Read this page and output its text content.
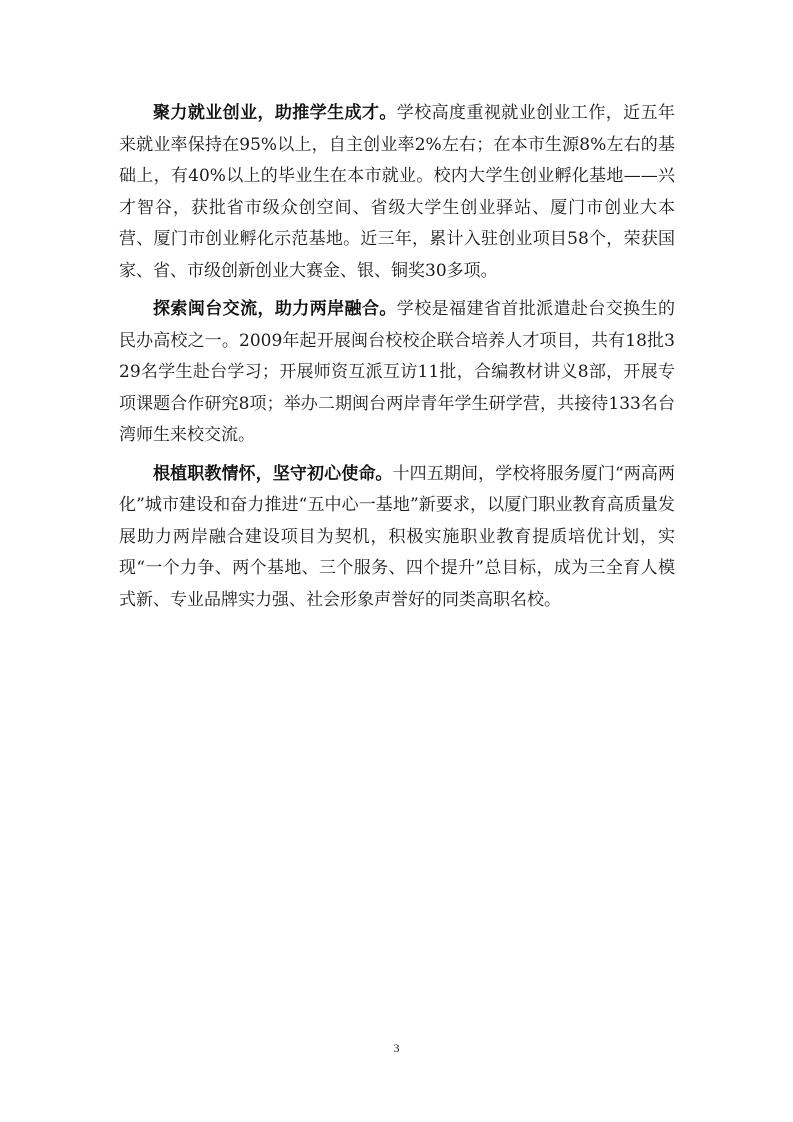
聚力就业创业，助推学生成才。学校高度重视就业创业工作，近五年来就业率保持在95%以上，自主创业率2%左右；在本市生源8%左右的基础上，有40%以上的毕业生在本市就业。校内大学生创业孵化基地——兴才智谷，获批省市级众创空间、省级大学生创业驿站、厦门市创业大本营、厦门市创业孵化示范基地。近三年，累计入驻创业项目58个，荣获国家、省、市级创新创业大赛金、银、铜奖30多项。

探索闽台交流，助力两岸融合。学校是福建省首批派遣赴台交换生的民办高校之一。2009年起开展闽台校校企联合培养人才项目，共有18批329名学生赴台学习；开展师资互派互访11批，合编教材讲义8部，开展专项课题合作研究8项；举办二期闽台两岸青年学生研学营，共接待133名台湾师生来校交流。

根植职教情怀，坚守初心使命。十四五期间，学校将服务厦门“两高两化”城市建设和奋力推进“五中心一基地”新要求，以厦门职业教育高质量发展助力两岸融合建设项目为契机，积极实施职业教育提质培优计划，实现“一个力争、两个基地、三个服务、四个提升”总目标，成为三全育人模式新、专业品牌实力强、社会形象声誉好的同类高职名校。

3
